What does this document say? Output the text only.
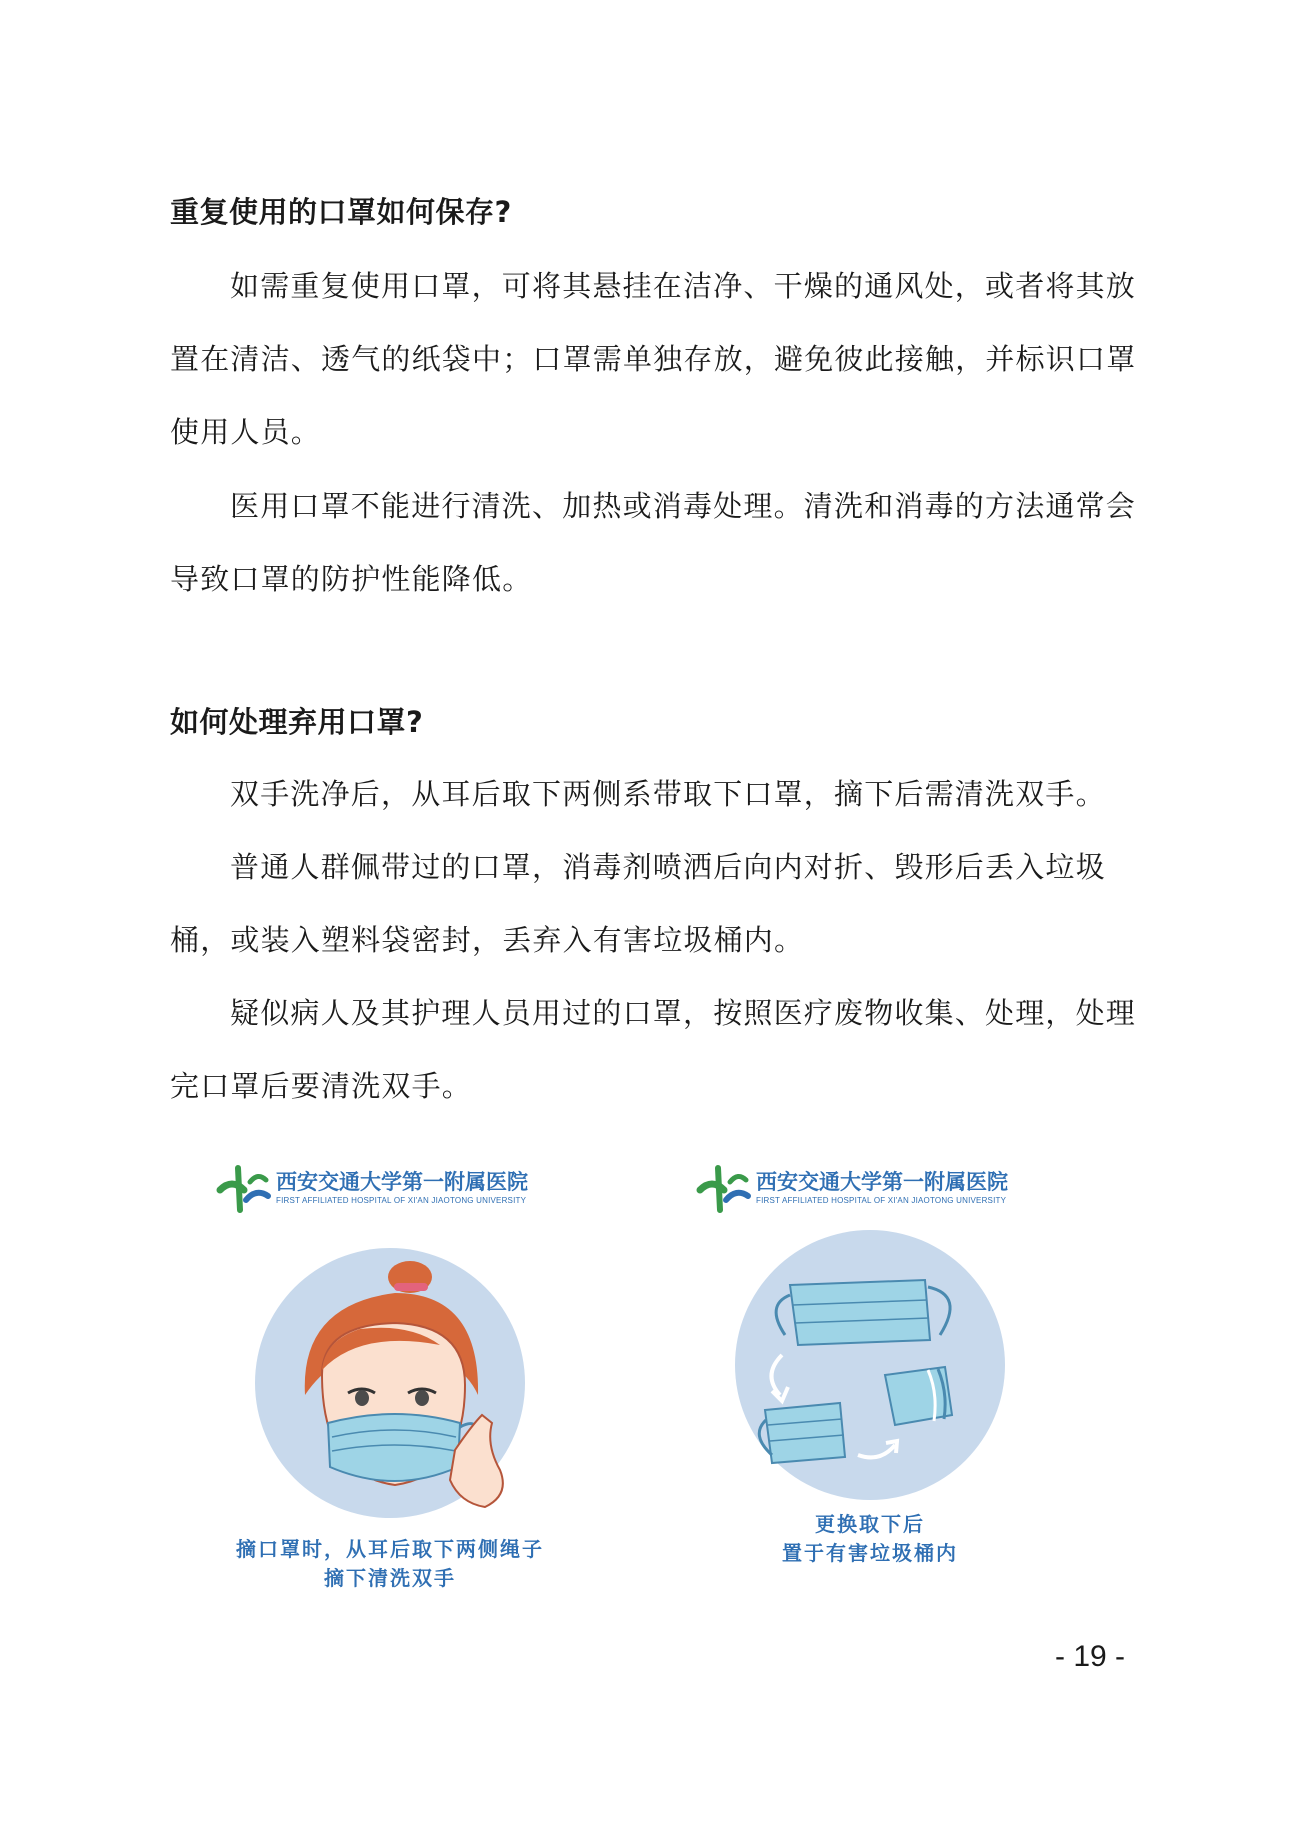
重复使用的口罩如何保存?

如需重复使用口罩，可将其悬挂在洁净、干燥的通风处，或者将其放置在清洁、透气的纸袋中；口罩需单独存放，避免彼此接触，并标识口罩使用人员。

医用口罩不能进行清洗、加热或消毒处理。清洗和消毒的方法通常会导致口罩的防护性能降低。

如何处理弃用口罩?

双手洗净后，从耳后取下两侧系带取下口罩，摘下后需清洗双手。

普通人群佩带过的口罩，消毒剂喷洒后向内对折、毁形后丢入垃圾桶，或装入塑料袋密封，丢弃入有害垃圾桶内。

疑似病人及其护理人员用过的口罩，按照医疗废物收集、处理，处理完口罩后要清洗双手。

西安交通大学第一附属医院
FIRST AFFILIATED HOSPITAL OF XI'AN JIAOTONG UNIVERSITY
摘口罩时，从耳后取下两侧绳子
摘下清洗双手
西安交通大学第一附属医院
FIRST AFFILIATED HOSPITAL OF XI'AN JIAOTONG UNIVERSITY
更换取下后
置于有害垃圾桶内
- 19 -
